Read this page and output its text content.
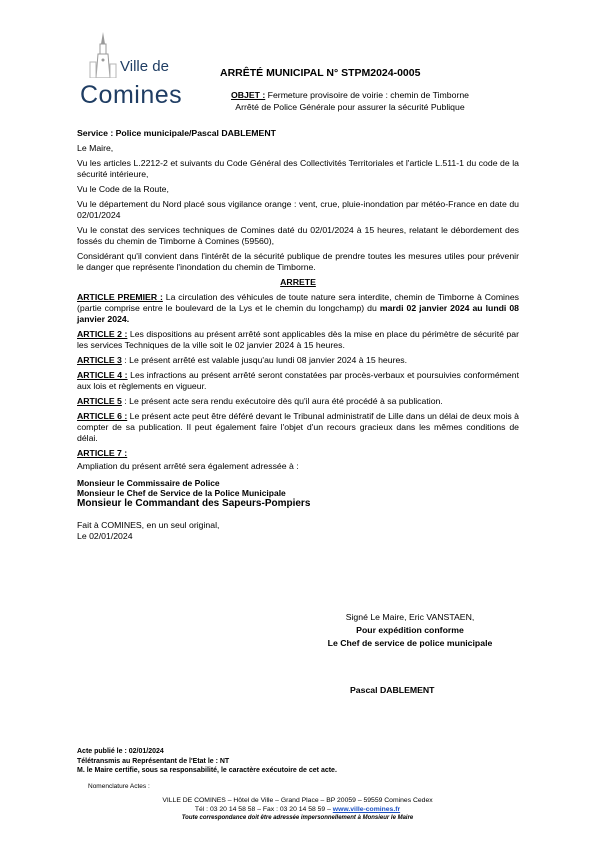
Ville de
Comines
ARRÊTÉ MUNICIPAL N° STPM2024-0005
OBJET : Fermeture provisoire de voirie : chemin de Timborne
Arrêté de Police Générale pour assurer la sécurité Publique

Service : Police municipale/Pascal DABLEMENT

Le Maire,

Vu les articles L.2212-2 et suivants du Code Général des Collectivités Territoriales et l'article L.511-1 du code de la sécurité intérieure,

Vu le Code de la Route,

Vu le département du Nord placé sous vigilance orange : vent, crue, pluie-inondation par météo-France en date du 02/01/2024

Vu le constat des services techniques de Comines daté du 02/01/2024 à 15 heures, relatant le débordement des fossés du chemin de Timborne à Comines (59560),

Considérant qu'il convient dans l'intérêt de la sécurité publique de prendre toutes les mesures utiles pour prévenir le danger que représente l'inondation du chemin de Timborne.

ARRETE

ARTICLE PREMIER : La circulation des véhicules de toute nature sera interdite, chemin de Timborne à Comines (partie comprise entre le boulevard de la Lys et le chemin du longchamp) du mardi 02 janvier 2024 au lundi 08 janvier 2024.

ARTICLE 2 : Les dispositions au présent arrêté sont applicables dès la mise en place du périmètre de sécurité par les services Techniques de la ville soit le 02 janvier 2024 à 15 heures.

ARTICLE 3 : Le présent arrêté est valable jusqu'au lundi 08 janvier 2024 à 15 heures.

ARTICLE 4 : Les infractions au présent arrêté seront constatées par procès-verbaux et poursuivies conformément aux lois et règlements en vigueur.

ARTICLE 5 : Le présent acte sera rendu exécutoire dès qu'il aura été procédé à sa publication.

ARTICLE 6 : Le présent acte peut être déféré devant le Tribunal administratif de Lille dans un délai de deux mois à compter de sa publication. Il peut également faire l'objet d'un recours gracieux dans les mêmes conditions de délai.

ARTICLE 7 :

Ampliation du présent arrêté sera également adressée à :

Monsieur le Commissaire de Police
Monsieur le Chef de Service de la Police Municipale
Monsieur le Commandant des Sapeurs-Pompiers
Fait à COMINES, en un seul original,
Le 02/01/2024
Signé Le Maire, Eric VANSTAEN,
Pour expédition conforme
Le Chef de service de police municipale
Pascal DABLEMENT
Acte publié le : 02/01/2024
Télétransmis au Représentant de l'Etat le : NT
M. le Maire certifie, sous sa responsabilité, le caractère exécutoire de cet acte.
Nomenclature Actes :
VILLE DE COMINES – Hôtel de Ville – Grand Place – BP 20059 – 59559 Comines Cedex
Tél : 03 20 14 58 58 – Fax : 03 20 14 58 59 – www.ville-comines.fr
Toute correspondance doit être adressée impersonnellement à Monsieur le Maire
